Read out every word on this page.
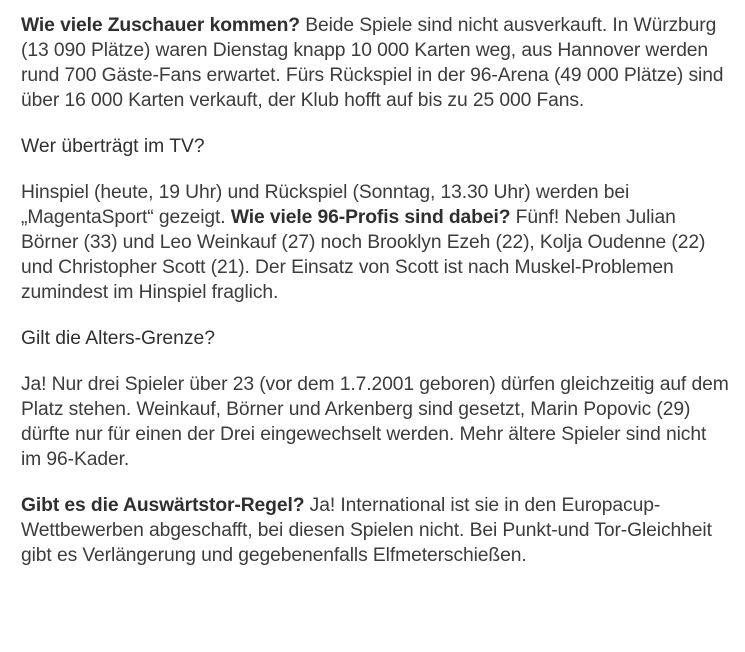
Wie viele Zuschauer kommen? Beide Spiele sind nicht ausverkauft. In Würzburg (13 090 Plätze) waren Dienstag knapp 10 000 Karten weg, aus Hannover werden rund 700 Gäste-Fans erwartet. Fürs Rückspiel in der 96-Arena (49 000 Plätze) sind über 16 000 Karten verkauft, der Klub hofft auf bis zu 25 000 Fans.

Wer überträgt im TV?

Hinspiel (heute, 19 Uhr) und Rückspiel (Sonntag, 13.30 Uhr) werden bei „MagentaSport“ gezeigt. Wie viele 96-Profis sind dabei? Fünf! Neben Julian Börner (33) und Leo Weinkauf (27) noch Brooklyn Ezeh (22), Kolja Oudenne (22) und Christopher Scott (21). Der Einsatz von Scott ist nach Muskel-Problemen zumindest im Hinspiel fraglich.

Gilt die Alters-Grenze?

Ja! Nur drei Spieler über 23 (vor dem 1.7.2001 geboren) dürfen gleichzeitig auf dem Platz stehen. Weinkauf, Börner und Arkenberg sind gesetzt, Marin Popovic (29) dürfte nur für einen der Drei eingewechselt werden. Mehr ältere Spieler sind nicht im 96-Kader.

Gibt es die Auswärtstor-Regel? Ja! International ist sie in den Europacup-Wettbewerben abgeschafft, bei diesen Spielen nicht. Bei Punkt-und Tor-Gleichheit gibt es Verlängerung und gegebenenfalls Elfmeterschießen.
